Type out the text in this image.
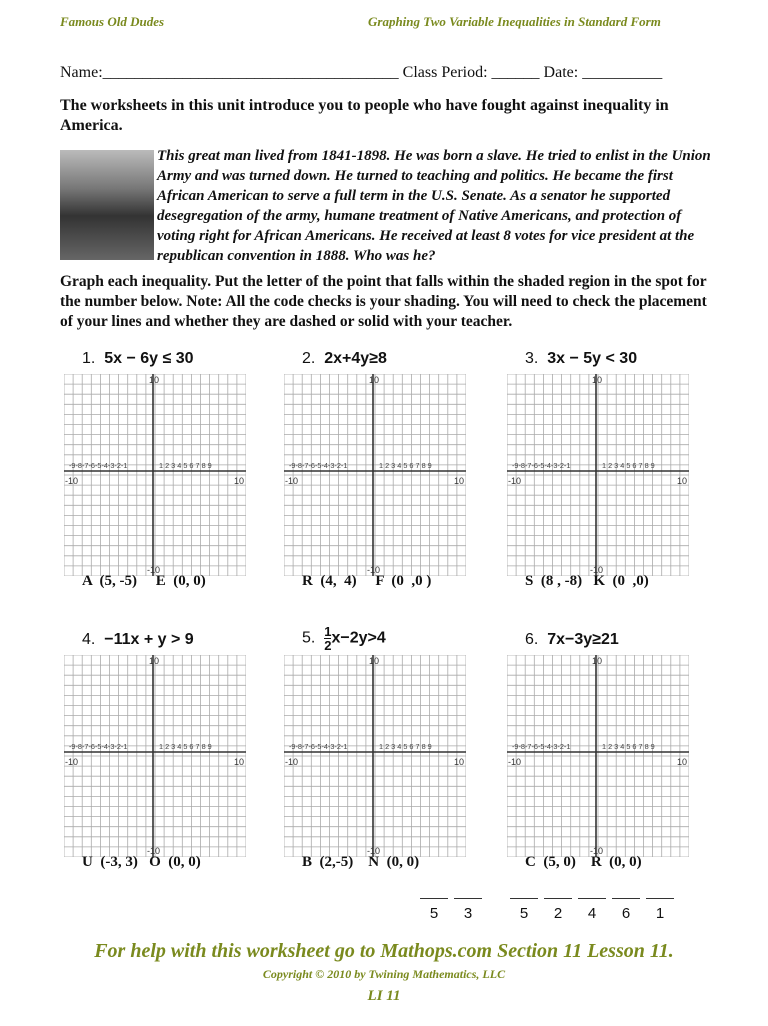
Famous Old Dudes	Graphing Two Variable Inequalities in Standard Form
Name:_____________________________________ Class Period: ______ Date: __________
The worksheets in this unit introduce you to people who have fought against inequality in America.
This great man lived from 1841-1898. He was born a slave. He tried to enlist in the Union Army and was turned down. He turned to teaching and politics. He became the first African American to serve a full term in the U.S. Senate. As a senator he supported desegregation of the army, humane treatment of Native Americans, and protection of voting right for African Americans. He received at least 8 votes for vice president at the republican convention in 1888. Who was he?
Graph each inequality. Put the letter of the point that falls within the shaded region in the spot for the number below. Note: All the code checks is your shading. You will need to check the placement of your lines and whether they are dashed or solid with your teacher.
1. 5x − 6y ≤ 30
10
-10
-10	10
-9-8-7-6-5-4-3-2-1	1 2 3 4 5 6 7 8 9
A  (5, -5)     E  (0, 0)
2. 2x+4y≥8
10
-10
-10	10
-9-8-7-6-5-4-3-2-1	1 2 3 4 5 6 7 8 9
R  (4,  4)     F  (0  ,0 )
3. 3x − 5y < 30
10
-10
-10	10
-9-8-7-6-5-4-3-2-1	1 2 3 4 5 6 7 8 9
S  (8 , -8)   K  (0  ,0)
4. −11x + y > 9
10
-10
-10	10
-9-8-7-6-5-4-3-2-1	1 2 3 4 5 6 7 8 9
U  (-3, 3)   O  (0, 0)
5. $\frac{1}{2} x-2y>4$
10
-10
-10	10
-9-8-7-6-5-4-3-2-1	1 2 3 4 5 6 7 8 9
B  (2,-5)    N  (0, 0)
6. 7x−3y≥21
10
-10
-10	10
-9-8-7-6-5-4-3-2-1	1 2 3 4 5 6 7 8 9
C  (5, 0)    R  (0, 0)
5	3	5	2	4	6	1
For help with this worksheet go to Mathops.com Section 11 Lesson 11.
Copyright © 2010 by Twining Mathematics, LLC
LI 11
